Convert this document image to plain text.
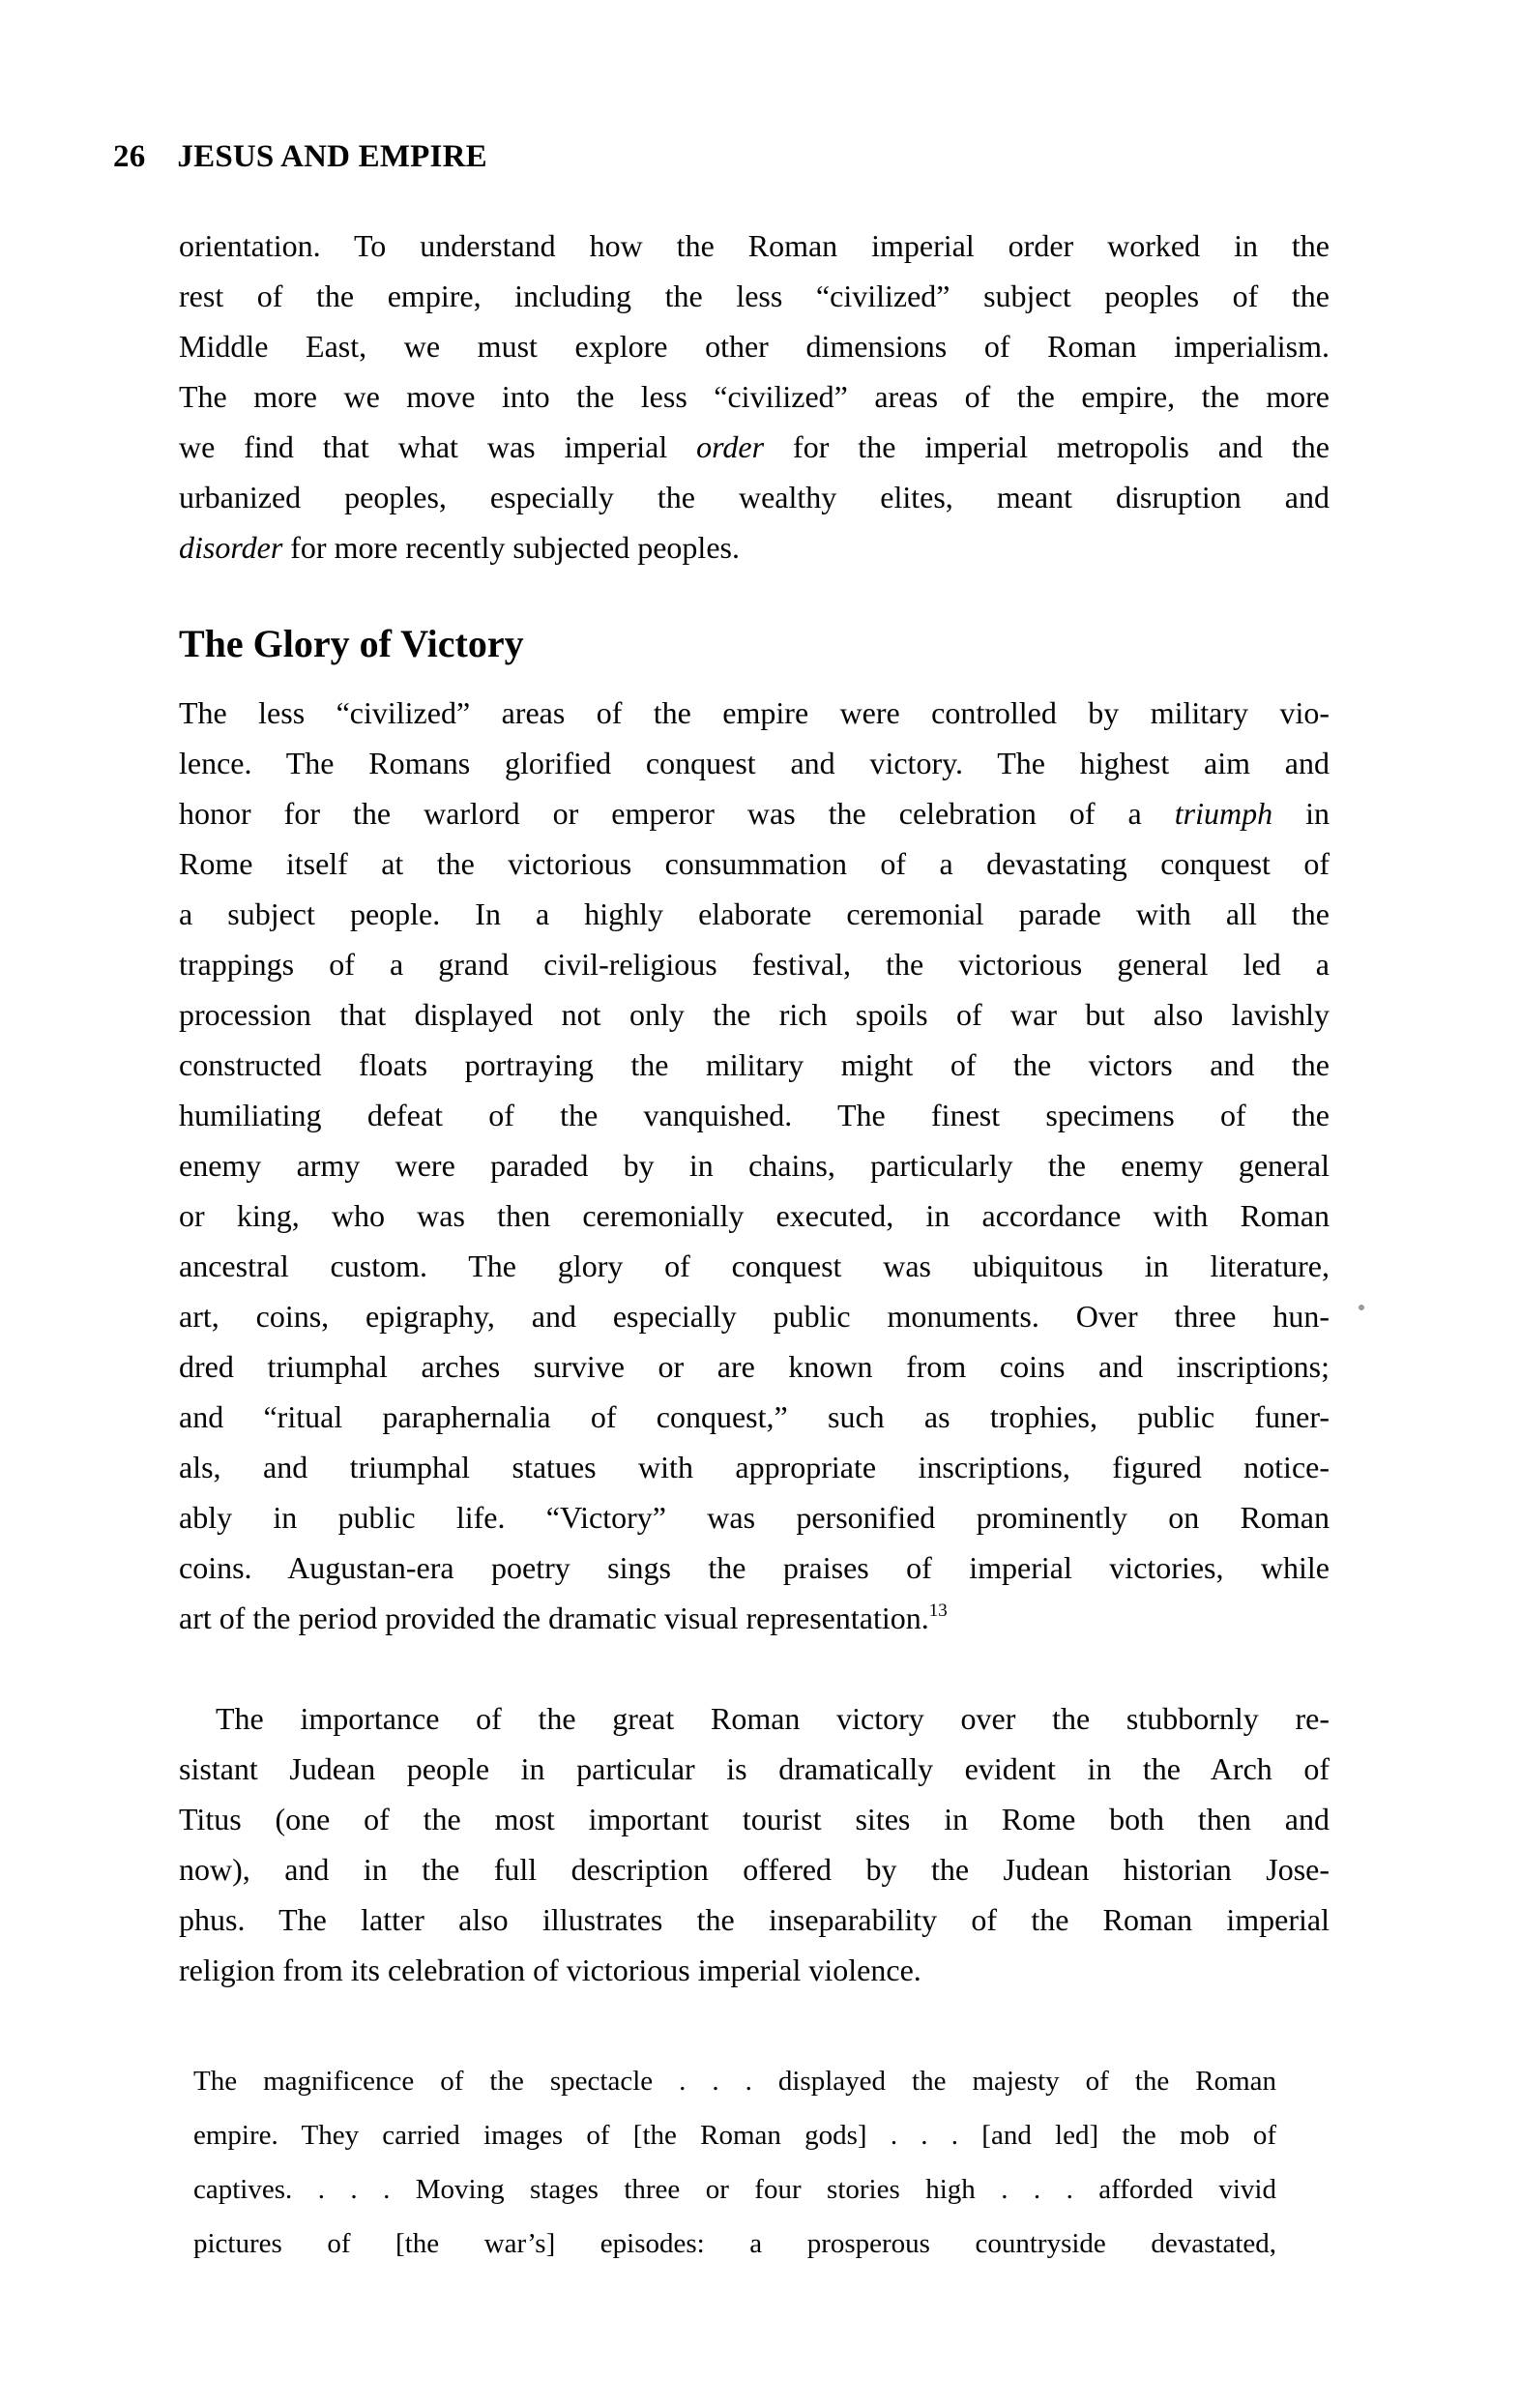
26 JESUS AND EMPIRE
orientation. To understand how the Roman imperial order worked in the
rest of the empire, including the less “civilized” subject peoples of the
Middle East, we must explore other dimensions of Roman imperialism.
The more we move into the less “civilized” areas of the empire, the more
we find that what was imperial order for the imperial metropolis and the
urbanized peoples, especially the wealthy elites, meant disruption and
disorder for more recently subjected peoples.
The Glory of Victory
The less “civilized” areas of the empire were controlled by military vio-
lence. The Romans glorified conquest and victory. The highest aim and
honor for the warlord or emperor was the celebration of a triumph in
Rome itself at the victorious consummation of a devastating conquest of
a subject people. In a highly elaborate ceremonial parade with all the
trappings of a grand civil-religious festival, the victorious general led a
procession that displayed not only the rich spoils of war but also lavishly
constructed floats portraying the military might of the victors and the
humiliating defeat of the vanquished. The finest specimens of the
enemy army were paraded by in chains, particularly the enemy general
or king, who was then ceremonially executed, in accordance with Roman
ancestral custom. The glory of conquest was ubiquitous in literature,
art, coins, epigraphy, and especially public monuments. Over three hun-
dred triumphal arches survive or are known from coins and inscriptions;
and “ritual paraphernalia of conquest,” such as trophies, public funer-
als, and triumphal statues with appropriate inscriptions, figured notice-
ably in public life. “Victory” was personified prominently on Roman
coins. Augustan-era poetry sings the praises of imperial victories, while
art of the period provided the dramatic visual representation.$^{13}$
The importance of the great Roman victory over the stubbornly re-
sistant Judean people in particular is dramatically evident in the Arch of
Titus (one of the most important tourist sites in Rome both then and
now), and in the full description offered by the Judean historian Jose-
phus. The latter also illustrates the inseparability of the Roman imperial
religion from its celebration of victorious imperial violence.
The magnificence of the spectacle . . . displayed the majesty of the Roman
empire. They carried images of [the Roman gods] . . . [and led] the mob of
captives. . . . Moving stages three or four stories high . . . afforded vivid
pictures of [the war’s] episodes: a prosperous countryside devastated,
